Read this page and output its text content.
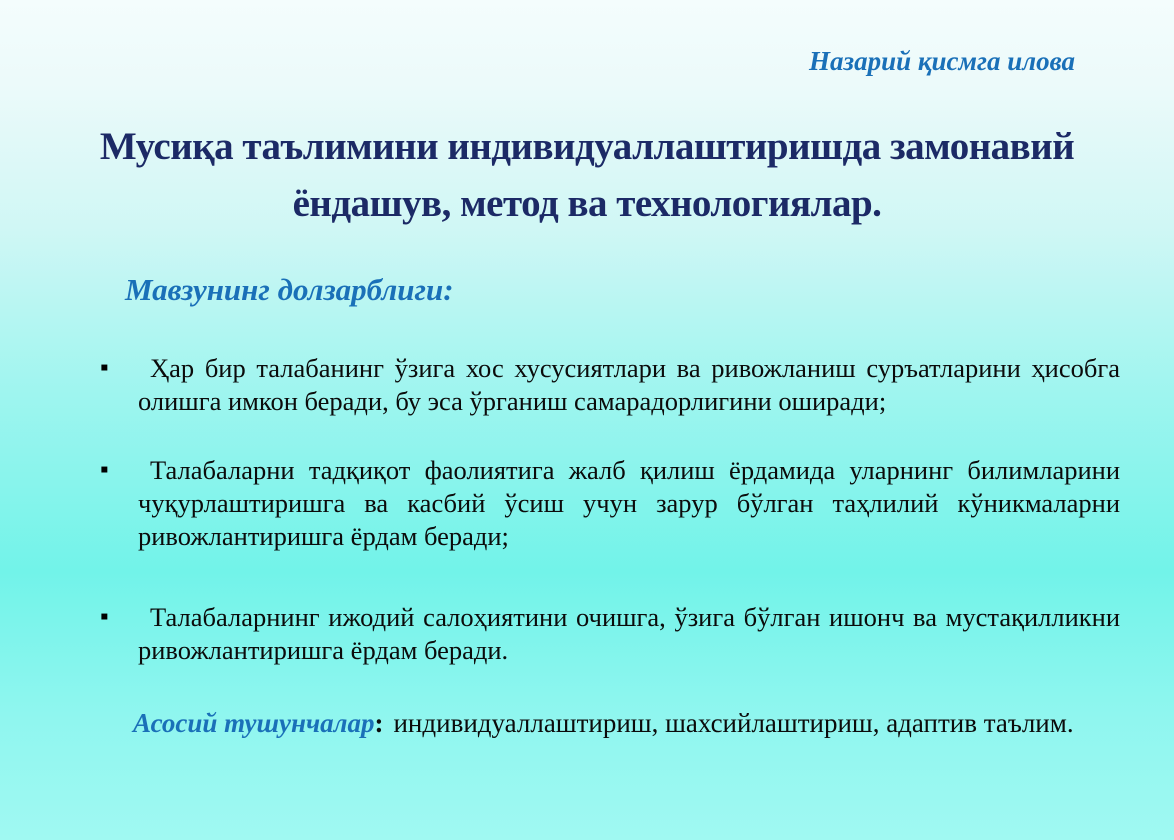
Назарий қисмга илова
Мусиқа таълимини индивидуаллаштиришда замонавий ёндашув, метод ва технологиялар.
Мавзунинг долзарблиги:
▪	Ҳар бир талабанинг ўзига хос хусусиятлари ва ривожланиш суръатларини ҳисобга олишга имкон беради, бу эса ўрганиш самарадорлигини оширади;
▪	Талабаларни тадқиқот фаолиятига жалб қилиш ёрдамида уларнинг билимларини чуқурлаштиришга ва касбий ўсиш учун зарур бўлган таҳлилий кўникмаларни ривожлантиришга ёрдам беради;
▪	Талабаларнинг ижодий салоҳиятини очишга, ўзига бўлган ишонч ва мустақилликни ривожлантиришга ёрдам беради.

Асосий тушунчалар: индивидуаллаштириш, шахсийлаштириш, адаптив таълим.
